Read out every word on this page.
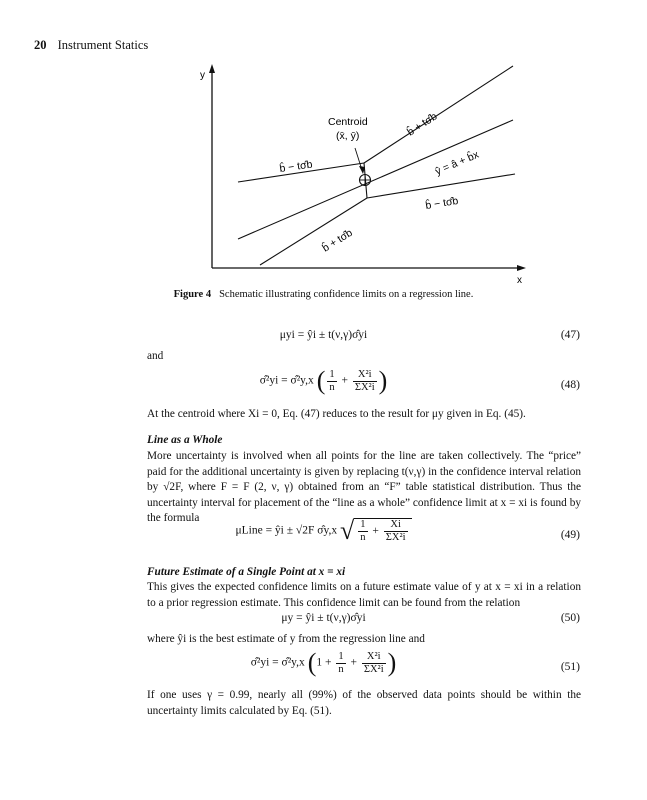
20 Instrument Statics
y
x
Centroid
(x̄, ȳ)	b̂ + tσ̂b
b̂ − tσ̂b	ŷ = â + b̂x
b̂ − tσ̂b
b̂ + tσ̂b
Figure 4 Schematic illustrating confidence limits on a regression line.
μyi = ŷi ± t(ν,γ)σ̂yi	(47)
and
σ̂²yi = σ̂²y,x ( $\frac{1}{n} + \frac{\text{X²i}}{\text{ΣX²i}}$ )	(48)
At the centroid where Xi = 0, Eq. (47) reduces to the result for μy given in Eq. (45).
Line as a Whole
More uncertainty is involved when all points for the line are taken collectively. The “price” paid for the additional uncertainty is given by replacing t(ν,γ) in the confidence interval relation by √2F, where F = F (2, ν, γ) obtained from an “F” table statistical distribution. Thus the uncertainty interval for placement of the “line as a whole” confidence limit at x = xi is found by the formula
μLine = ŷi ± √2F σ̂y,x √ $\frac{1}{n} + \frac{Xi}{\text{ΣX²i}}$	(49)
Future Estimate of a Single Point at x = xi
This gives the expected confidence limits on a future estimate value of y at x = xi in a relation to a prior regression estimate. This confidence limit can be found from the relation
μy = ŷi ± t(ν,γ)σ̂yi	(50)
where ŷi is the best estimate of y from the regression line and
σ̂²yi = σ̂²y,x ($1 + \frac{1}{n} + \frac{\text{X²i}}{\text{ΣX²i}}$ )	(51)
If one uses γ = 0.99, nearly all (99%) of the observed data points should be within the uncertainty limits calculated by Eq. (51).
